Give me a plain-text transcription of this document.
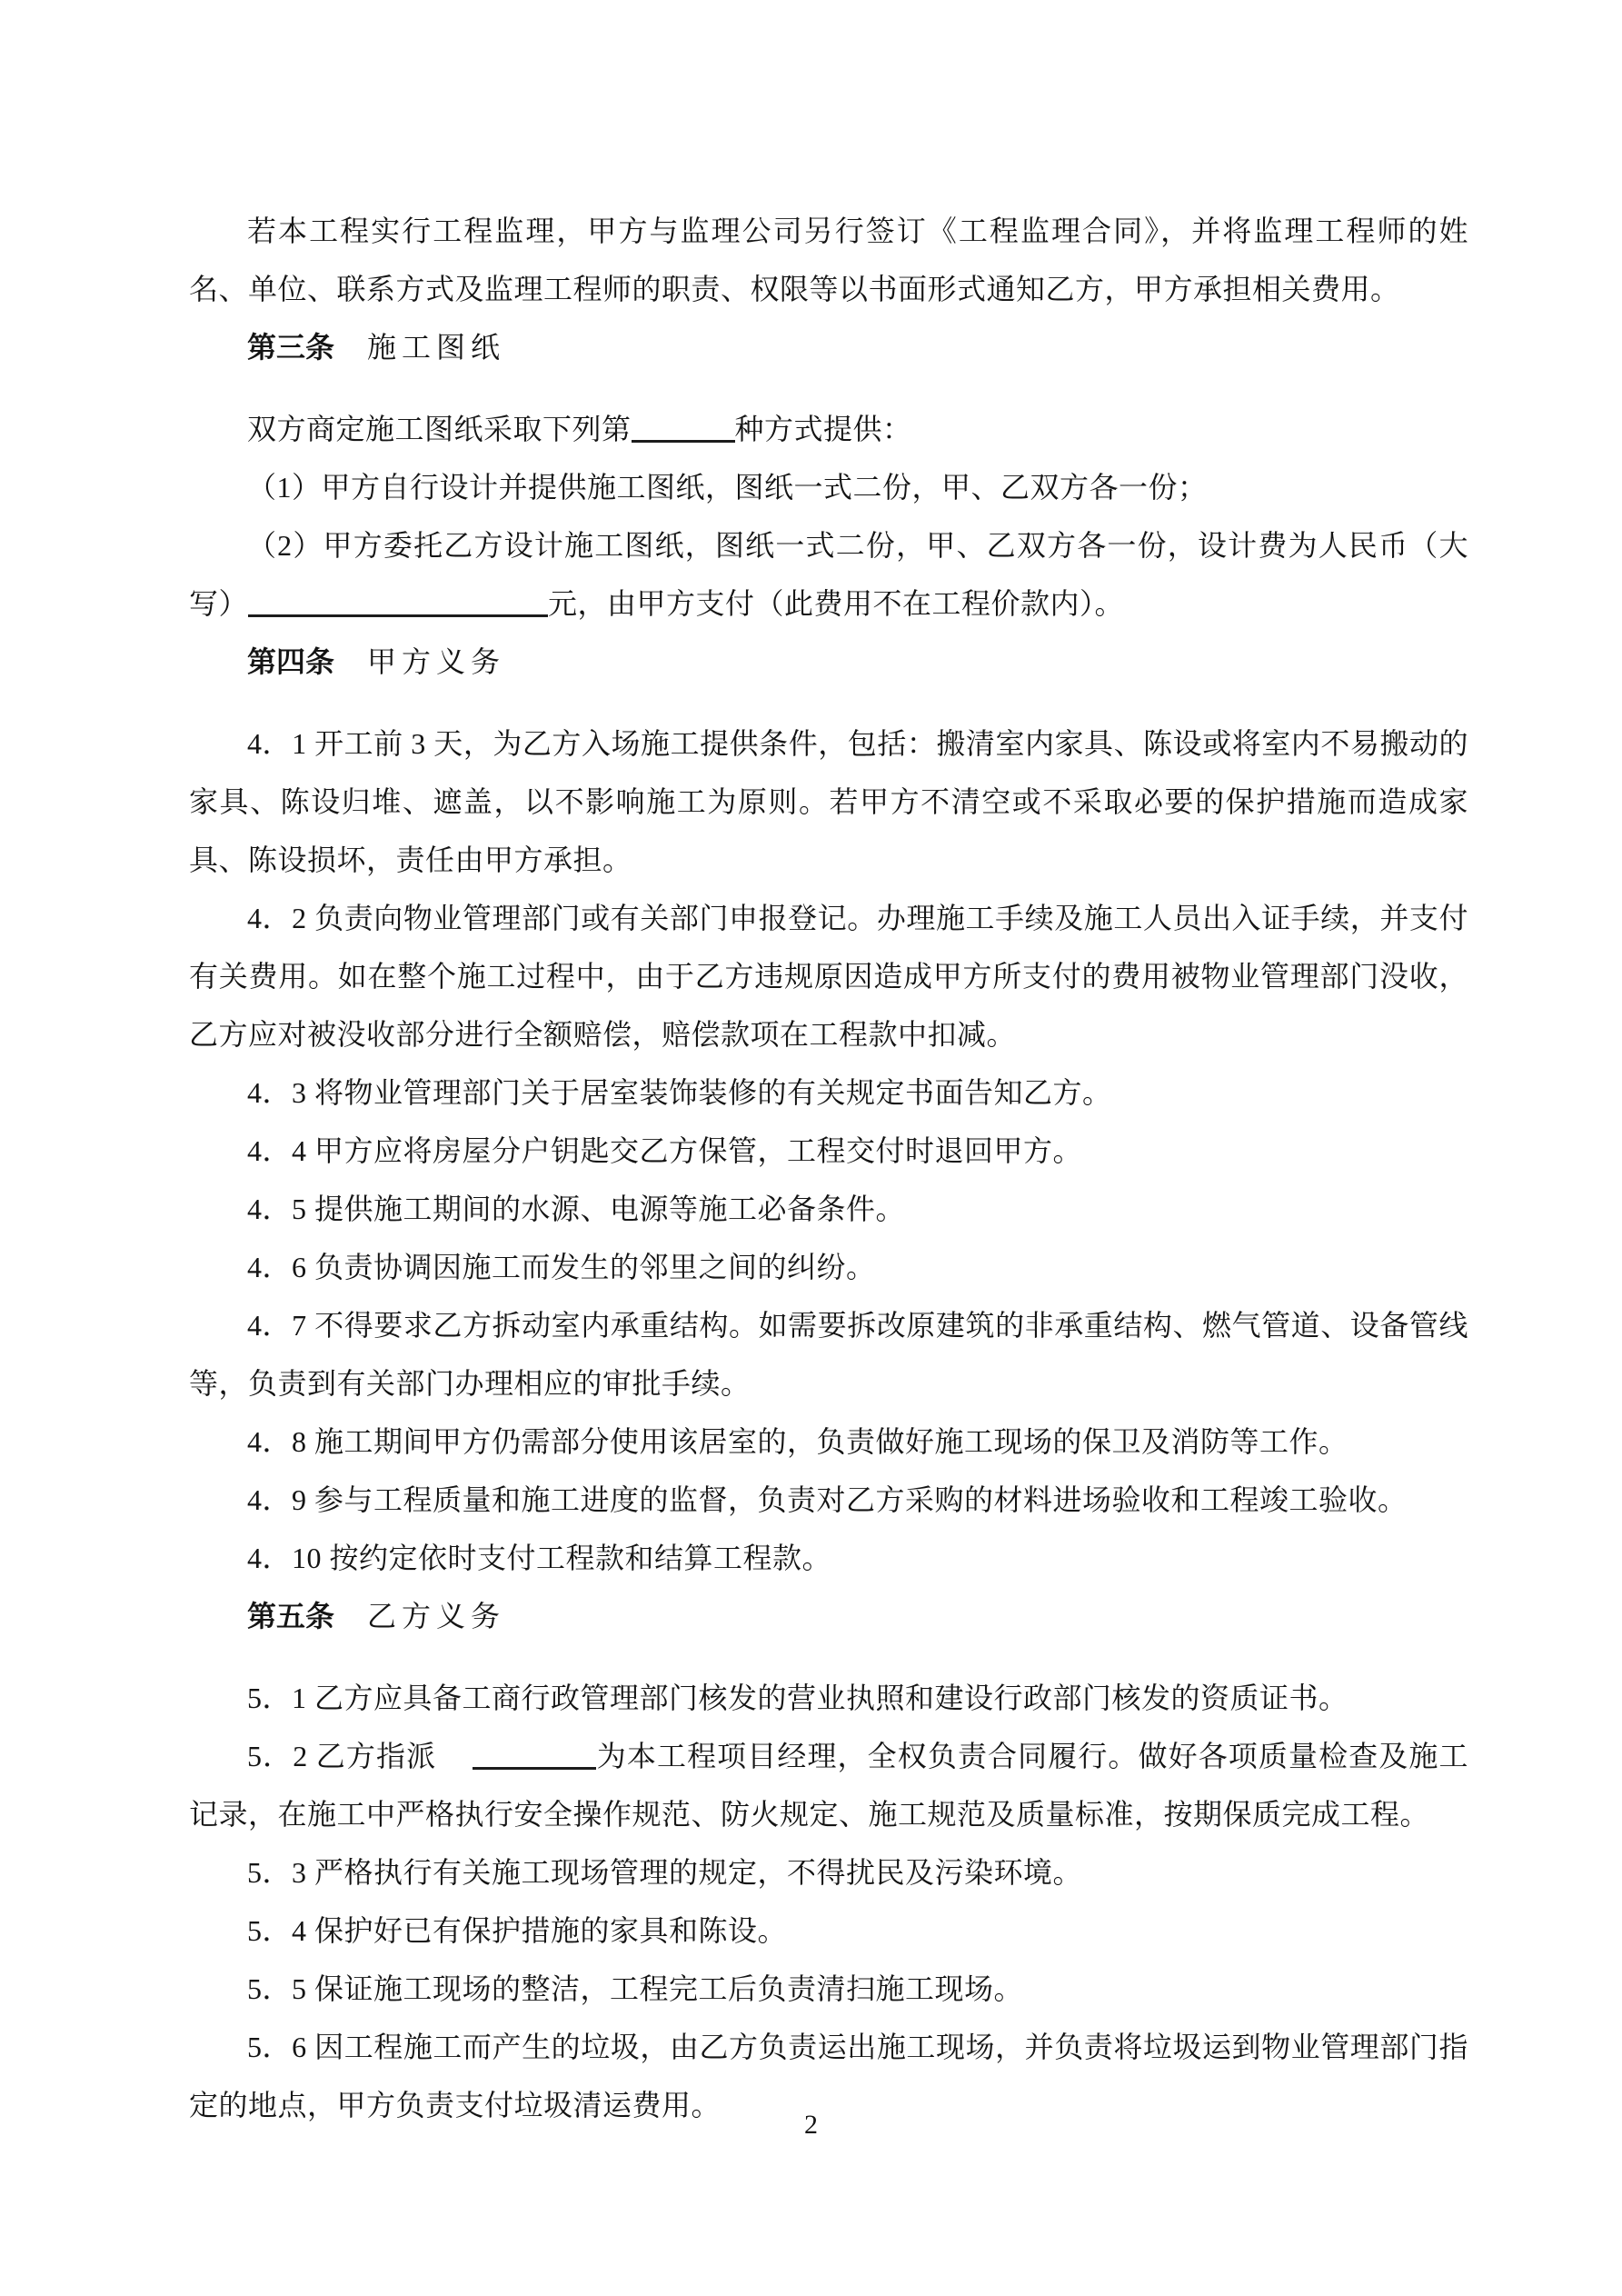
若本工程实行工程监理，甲方与监理公司另行签订《工程监理合同》，并将监理工程师的姓名、单位、联系方式及监理工程师的职责、权限等以书面形式通知乙方，甲方承担相关费用。

第三条 施工图纸

双方商定施工图纸采取下列第	种方式提供：

（1）甲方自行设计并提供施工图纸，图纸一式二份，甲、乙双方各一份；

（2）甲方委托乙方设计施工图纸，图纸一式二份，甲、乙双方各一份，设计费为人民币（大写）	元，由甲方支付（此费用不在工程价款内）。

第四条 甲方义务

4．1 开工前 3 天，为乙方入场施工提供条件，包括：搬清室内家具、陈设或将室内不易搬动的家具、陈设归堆、遮盖，以不影响施工为原则。若甲方不清空或不采取必要的保护措施而造成家具、陈设损坏，责任由甲方承担。

4．2 负责向物业管理部门或有关部门申报登记。办理施工手续及施工人员出入证手续，并支付有关费用。如在整个施工过程中，由于乙方违规原因造成甲方所支付的费用被物业管理部门没收，乙方应对被没收部分进行全额赔偿，赔偿款项在工程款中扣减。

4．3 将物业管理部门关于居室装饰装修的有关规定书面告知乙方。

4．4 甲方应将房屋分户钥匙交乙方保管，工程交付时退回甲方。

4．5 提供施工期间的水源、电源等施工必备条件。

4．6 负责协调因施工而发生的邻里之间的纠纷。

4．7 不得要求乙方拆动室内承重结构。如需要拆改原建筑的非承重结构、燃气管道、设备管线等，负责到有关部门办理相应的审批手续。

4．8 施工期间甲方仍需部分使用该居室的，负责做好施工现场的保卫及消防等工作。

4．9 参与工程质量和施工进度的监督，负责对乙方采购的材料进场验收和工程竣工验收。

4．10 按约定依时支付工程款和结算工程款。

第五条 乙方义务

5．1 乙方应具备工商行政管理部门核发的营业执照和建设行政部门核发的资质证书。

5．2 乙方指派	为本工程项目经理，全权负责合同履行。做好各项质量检查及施工记录，在施工中严格执行安全操作规范、防火规定、施工规范及质量标准，按期保质完成工程。

5．3 严格执行有关施工现场管理的规定，不得扰民及污染环境。

5．4 保护好已有保护措施的家具和陈设。

5．5 保证施工现场的整洁，工程完工后负责清扫施工现场。

5．6 因工程施工而产生的垃圾，由乙方负责运出施工现场，并负责将垃圾运到物业管理部门指定的地点，甲方负责支付垃圾清运费用。

2
